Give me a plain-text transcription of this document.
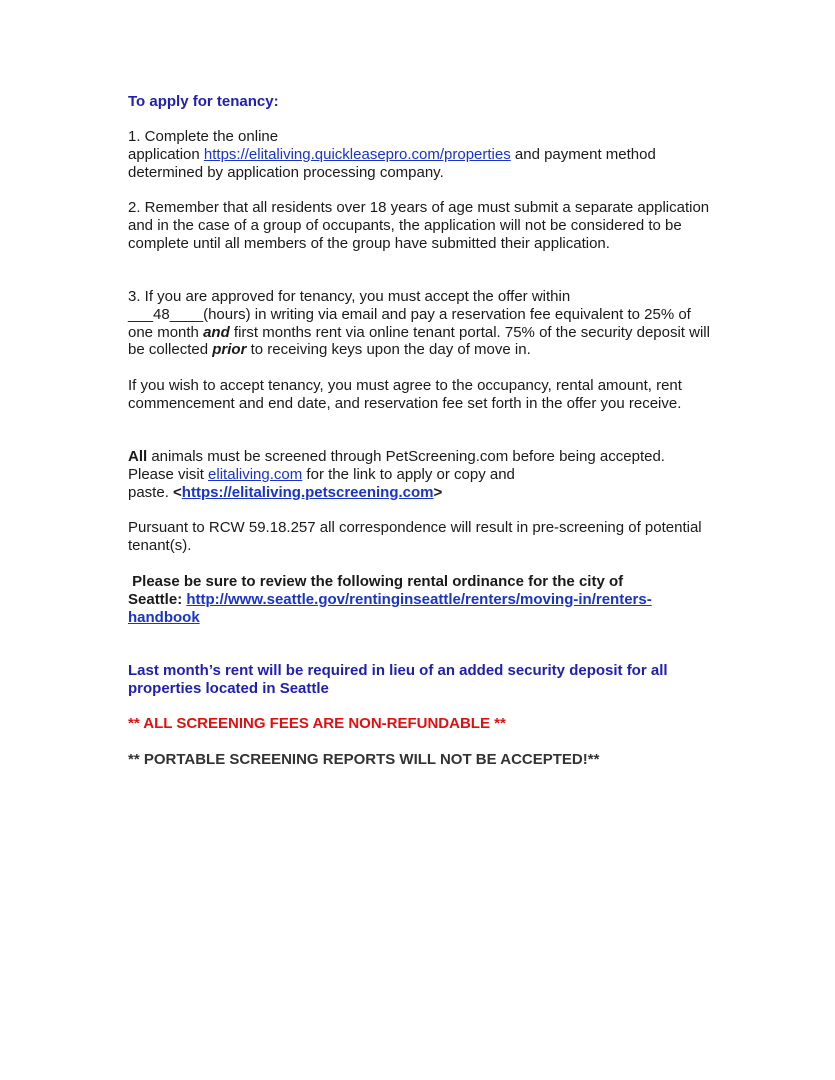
To apply for tenancy:

1. Complete the online
application https://elitaliving.quickleasepro.com/properties and payment method determined by application processing company.

2. Remember that all residents over 18 years of age must submit a separate application and in the case of a group of occupants, the application will not be considered to be complete until all members of the group have submitted their application.

3. If you are approved for tenancy, you must accept the offer within
___48____(hours) in writing via email and pay a reservation fee equivalent to 25% of one month and first months rent via online tenant portal. 75% of the security deposit will be collected prior to receiving keys upon the day of move in.

If you wish to accept tenancy, you must agree to the occupancy, rental amount, rent commencement and end date, and reservation fee set forth in the offer you receive.

All animals must be screened through PetScreening.com before being accepted.
Please visit elitaliving.com for the link to apply or copy and
paste. <https://elitaliving.petscreening.com>

Pursuant to RCW 59.18.257 all correspondence will result in pre-screening of potential tenant(s).

Please be sure to review the following rental ordinance for the city of
Seattle: http://www.seattle.gov/rentinginseattle/renters/moving-in/renters-
handbook

Last month’s rent will be required in lieu of an added security deposit for all properties located in Seattle

** ALL SCREENING FEES ARE NON-REFUNDABLE **

** PORTABLE SCREENING REPORTS WILL NOT BE ACCEPTED!**
